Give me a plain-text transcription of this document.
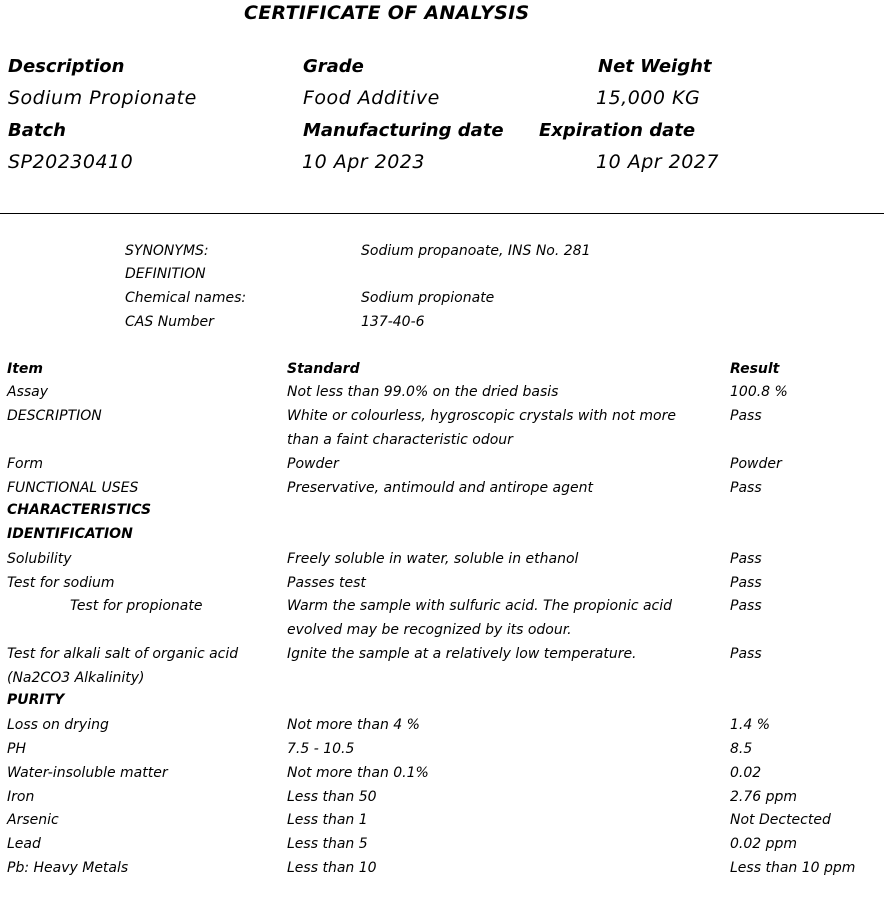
CERTIFICATE OF ANALYSIS
Description	Grade	Net Weight
Sodium Propionate	Food Additive	15,000 KG
Batch	Manufacturing date Expiration date
SP20230410	10 Apr 2023	10 Apr 2027
SYNONYMS:	Sodium propanoate, INS No. 281
DEFINITION
Chemical names:	Sodium propionate
CAS Number	137-40-6
Item	Standard	Result
Assay	Not less than 99.0% on the dried basis	100.8 %
DESCRIPTION	White or colourless, hygroscopic crystals with not more	Pass
than a faint characteristic odour
Form	Powder	Powder
FUNCTIONAL USES	Preservative, antimould and antirope agent	Pass
CHARACTERISTICS
IDENTIFICATION
Solubility	Freely soluble in water, soluble in ethanol	Pass
Test for sodium	Passes test	Pass
Test for propionate	Warm the sample with sulfuric acid. The propionic acid	Pass
evolved may be recognized by its odour.
Test for alkali salt of organic acid	Ignite the sample at a relatively low temperature.	Pass
(Na2CO3 Alkalinity)
PURITY
Loss on drying	Not more than 4 %	1.4 %
PH	7.5 - 10.5	8.5
Water-insoluble matter	Not more than 0.1%	0.02
Iron	Less than 50	2.76 ppm
Arsenic	Less than 1	Not Dectected
Lead	Less than 5	0.02 ppm
Pb: Heavy Metals	Less than 10	Less than 10 ppm
